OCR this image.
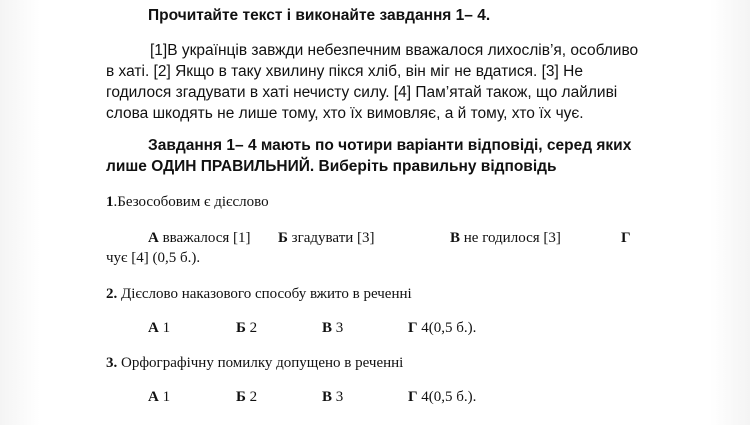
Прочитайте текст і виконайте завдання 1– 4.
[1]В українців завжди небезпечним вважалося лихослів’я, особливо
в хаті. [2] Якщо в таку хвилину пікся хліб, він міг не вдатися. [3] Не
годилося згадувати в хаті нечисту силу. [4] Пам’ятай також, що лайливі
слова шкодять не лише тому, хто їх вимовляє, а й тому, хто їх чує.
Завдання 1– 4 мають по чотири варіанти відповіді, серед яких
лише ОДИН ПРАВИЛЬНИЙ. Виберіть правильну відповідь
1.Безособовим є дієслово
А вважалося [1] Б згадувати [3]	В не годилося [3]	Г
чує [4] (0,5 б.).
2. Дієслово наказового способу вжито в реченні
А 1	Б 2	В 3	Г 4(0,5 б.).
3. Орфографічну помилку допущено в реченні
А 1	Б 2	В 3	Г 4(0,5 б.).
